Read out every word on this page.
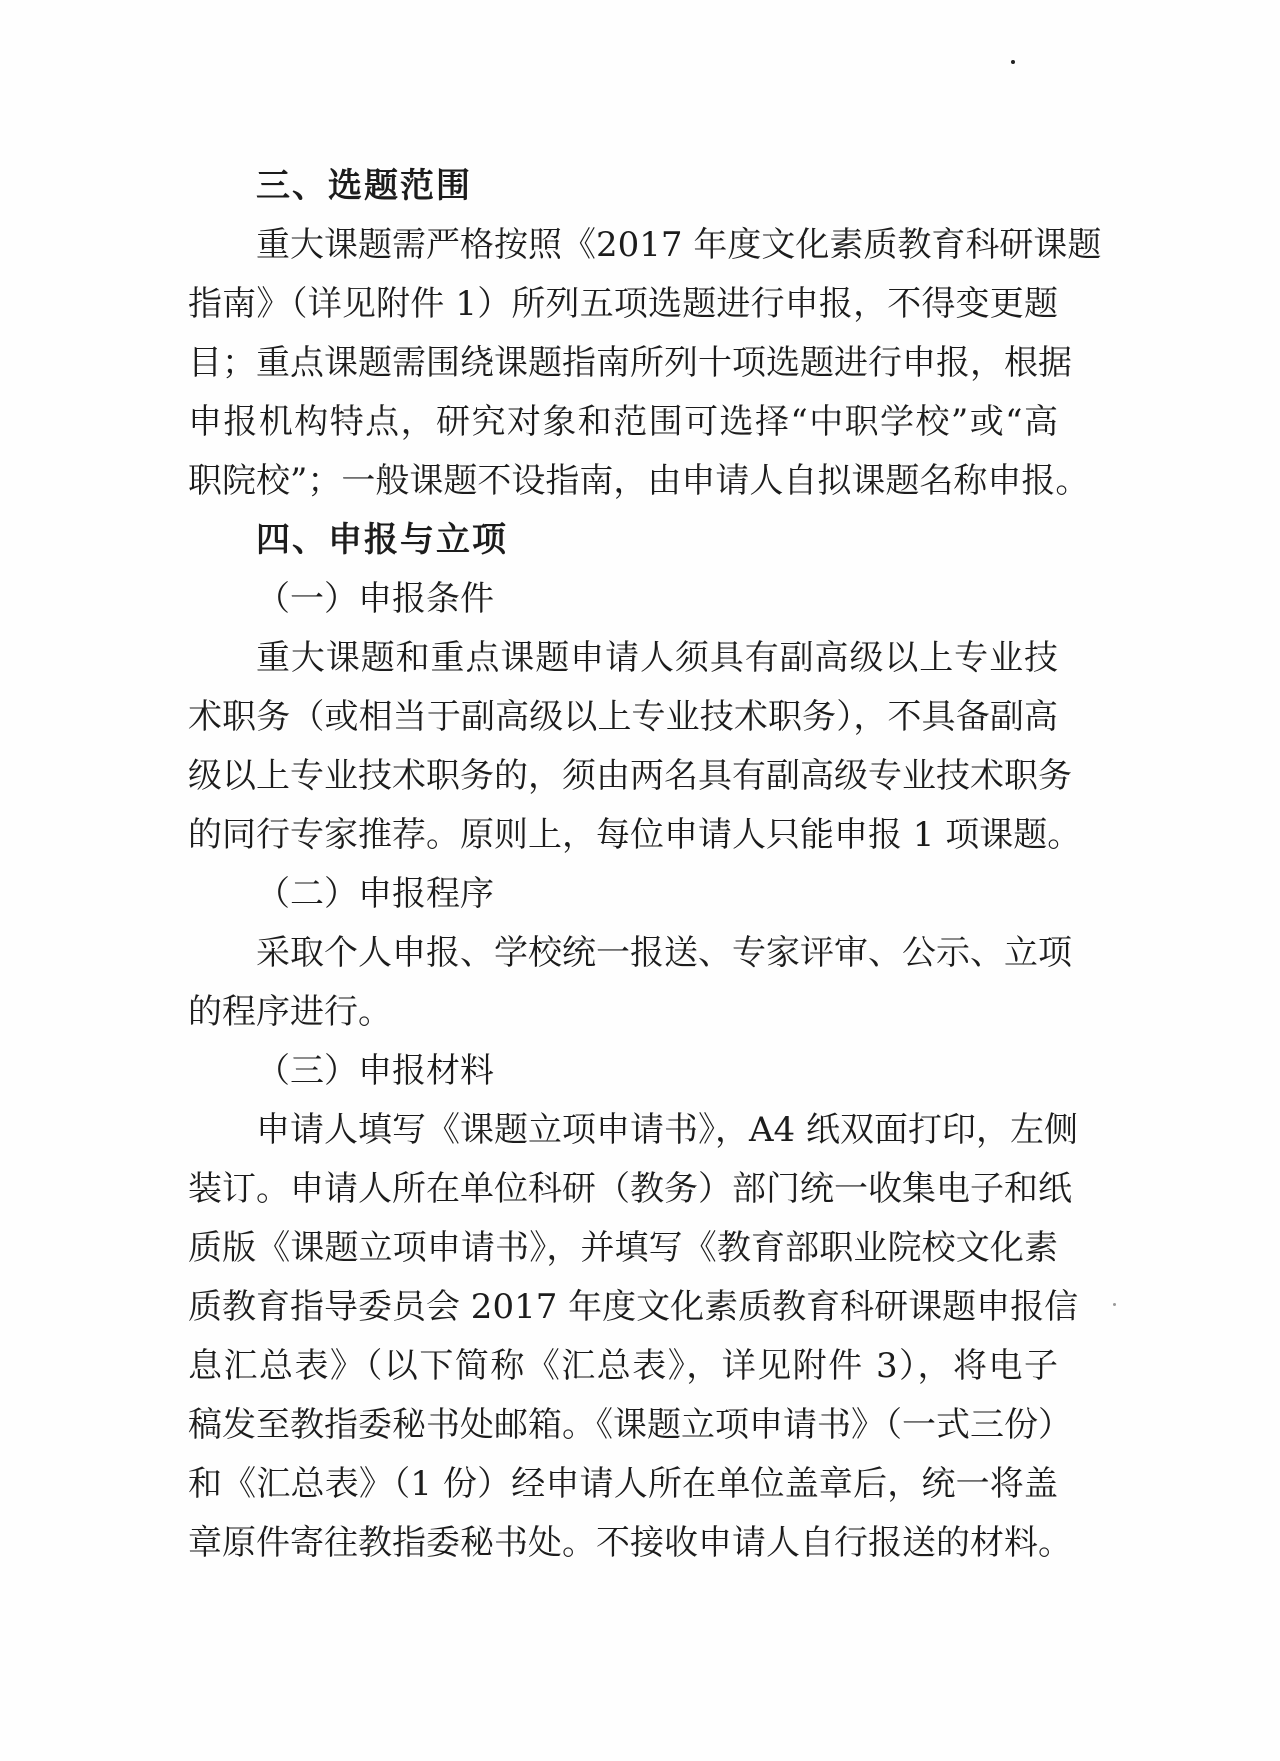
三、选题范围
重大课题需严格按照《2017 年度文化素质教育科研课题
指南》（详见附件 1）所列五项选题进行申报，不得变更题
目；重点课题需围绕课题指南所列十项选题进行申报，根据
申报机构特点，研究对象和范围可选择“中职学校”或“高
职院校”；一般课题不设指南，由申请人自拟课题名称申报。
四、申报与立项
（一）申报条件
重大课题和重点课题申请人须具有副高级以上专业技
术职务（或相当于副高级以上专业技术职务），不具备副高
级以上专业技术职务的，须由两名具有副高级专业技术职务
的同行专家推荐。原则上，每位申请人只能申报 1 项课题。
（二）申报程序
采取个人申报、学校统一报送、专家评审、公示、立项
的程序进行。
（三）申报材料
申请人填写《课题立项申请书》，A4 纸双面打印，左侧
装订。申请人所在单位科研（教务）部门统一收集电子和纸
质版《课题立项申请书》，并填写《教育部职业院校文化素
质教育指导委员会 2017 年度文化素质教育科研课题申报信
息汇总表》（以下简称《汇总表》，详见附件 3），将电子
稿发至教指委秘书处邮箱。《课题立项申请书》（一式三份）
和《汇总表》（1 份）经申请人所在单位盖章后，统一将盖
章原件寄往教指委秘书处。不接收申请人自行报送的材料。
